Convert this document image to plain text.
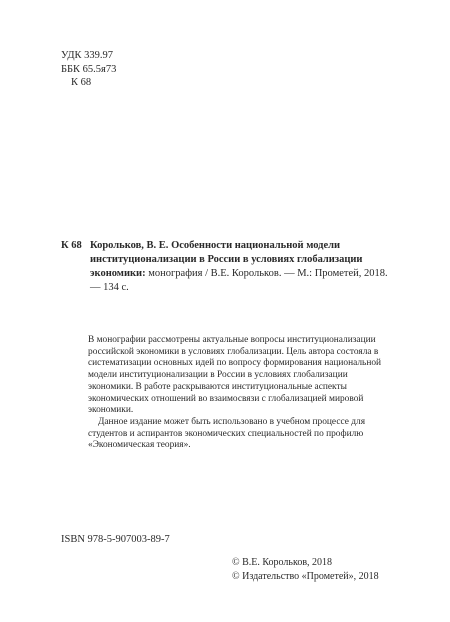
УДК 339.97
ББК 65.5я73
К 68
К 68 Корольков, В. Е. Особенности национальной модели институционализации в России в условиях глобализации экономики: монография / В.Е. Корольков. — М.: Прометей, 2018. — 134 с.

В монографии рассмотрены актуальные вопросы институционализации российской экономики в условиях глобализации. Цель автора состояла в систематизации основных идей по вопросу формирования национальной модели институционализации в России в условиях глобализации экономики. В работе раскрываются институциональные аспекты экономических отношений во взаимосвязи с глобализацией мировой экономики.

Данное издание может быть использовано в учебном процессе для студентов и аспирантов экономических специальностей по профилю «Экономическая теория».

ISBN 978-5-907003-89-7
© В.Е. Корольков, 2018
© Издательство «Прометей», 2018
